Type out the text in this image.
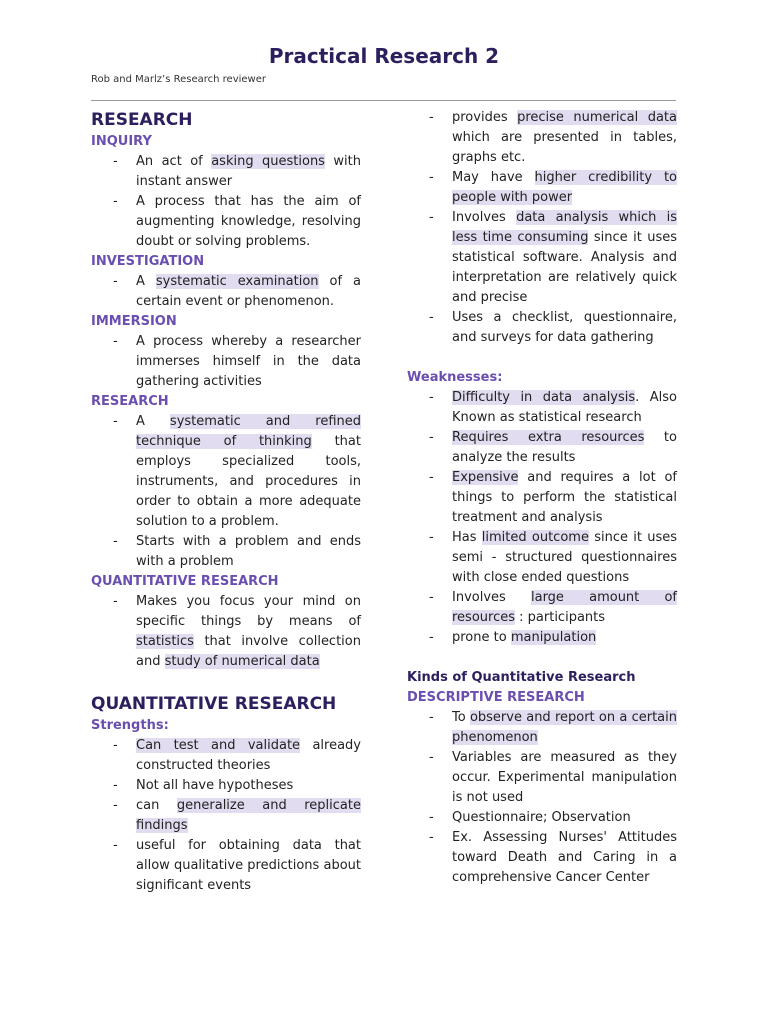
Practical Research 2
Rob and Marlz’s Research reviewer
RESEARCH
INQUIRY
- An act of asking questions with instant answer
- A process that has the aim of augmenting knowledge, resolving doubt or solving problems.
INVESTIGATION
- A systematic examination of a certain event or phenomenon.
IMMERSION
- A process whereby a researcher immerses himself in the data gathering activities
RESEARCH
- A systematic and refined technique of thinking that employs specialized tools, instruments, and procedures in order to obtain a more adequate solution to a problem.
- Starts with a problem and ends with a problem
QUANTITATIVE RESEARCH
- Makes you focus your mind on specific things by means of statistics that involve collection and study of numerical data
QUANTITATIVE RESEARCH
Strengths:
- Can test and validate already constructed theories
- Not all have hypotheses
- can generalize and replicate findings
- useful for obtaining data that allow qualitative predictions about significant events
- provides precise numerical data which are presented in tables, graphs etc.
- May have higher credibility to people with power
- Involves data analysis which is less time consuming since it uses statistical software. Analysis and interpretation are relatively quick and precise
- Uses a checklist, questionnaire, and surveys for data gathering
Weaknesses:
- Difficulty in data analysis. Also Known as statistical research
- Requires extra resources to analyze the results
- Expensive and requires a lot of things to perform the statistical treatment and analysis
- Has limited outcome since it uses semi - structured questionnaires with close ended questions
- Involves large amount of resources : participants
- prone to manipulation
Kinds of Quantitative Research
DESCRIPTIVE RESEARCH
- To observe and report on a certain phenomenon
- Variables are measured as they occur. Experimental manipulation is not used
- Questionnaire; Observation
- Ex. Assessing Nurses' Attitudes toward Death and Caring in a comprehensive Cancer Center
